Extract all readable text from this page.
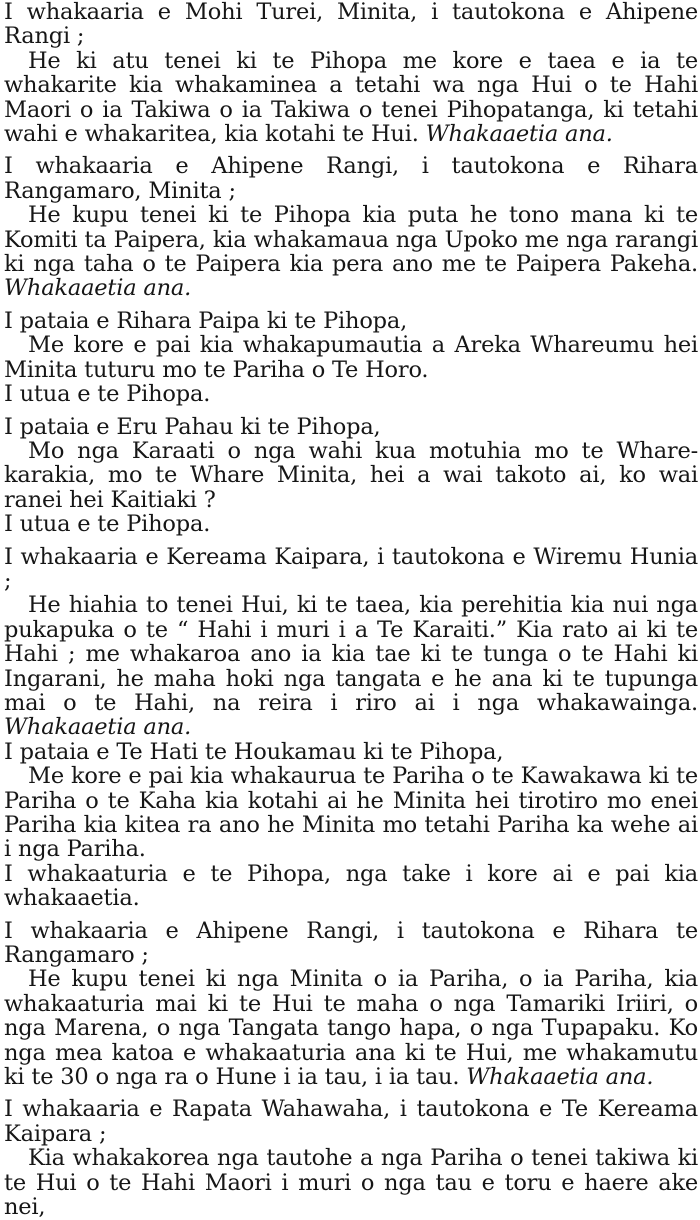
I whakaaria e Mohi Turei, Minita, i tautokona e Ahipene Rangi ;

He ki atu tenei ki te Pihopa me kore e taea e ia te whakarite kia whakaminea a tetahi wa nga Hui o te Hahi Maori o ia Takiwa o ia Takiwa o tenei Pihopatanga, ki tetahi wahi e whakaritea, kia kotahi te Hui. Whakaaetia ana.

I whakaaria e Ahipene Rangi, i tautokona e Rihara Rangamaro, Minita ;

He kupu tenei ki te Pihopa kia puta he tono mana ki te Komiti ta Paipera, kia whakamaua nga Upoko me nga rarangi ki nga taha o te Paipera kia pera ano me te Paipera Pakeha. Whakaaetia ana.

I pataia e Rihara Paipa ki te Pihopa,

Me kore e pai kia whakapumautia a Areka Whareumu hei Minita tuturu mo te Pariha o Te Horo.

I utua e te Pihopa.

I pataia e Eru Pahau ki te Pihopa,

Mo nga Karaati o nga wahi kua motuhia mo te Whare-karakia, mo te Whare Minita, hei a wai takoto ai, ko wai ranei hei Kaitiaki ?

I utua e te Pihopa.

I whakaaria e Kereama Kaipara, i tautokona e Wiremu Hunia ;

He hiahia to tenei Hui, ki te taea, kia perehitia kia nui nga pukapuka o te “ Hahi i muri i a Te Karaiti.” Kia rato ai ki te Hahi ; me whakaroa ano ia kia tae ki te tunga o te Hahi ki Ingarani, he maha hoki nga tangata e he ana ki te tupunga mai o te Hahi, na reira i riro ai i nga whakawainga. Whakaaetia ana.

I pataia e Te Hati te Houkamau ki te Pihopa,

Me kore e pai kia whakaurua te Pariha o te Kawakawa ki te Pariha o te Kaha kia kotahi ai he Minita hei tirotiro mo enei Pariha kia kitea ra ano he Minita mo tetahi Pariha ka wehe ai i nga Pariha.

I whakaaturia e te Pihopa, nga take i kore ai e pai kia whakaaetia.

I whakaaria e Ahipene Rangi, i tautokona e Rihara te Rangamaro ;

He kupu tenei ki nga Minita o ia Pariha, o ia Pariha, kia whakaaturia mai ki te Hui te maha o nga Tamariki Iriiri, o nga Marena, o nga Tangata tango hapa, o nga Tupapaku. Ko nga mea katoa e whakaaturia ana ki te Hui, me whakamutu ki te 30 o nga ra o Hune i ia tau, i ia tau. Whakaaetia ana.

I whakaaria e Rapata Wahawaha, i tautokona e Te Kereama Kaipara ;

Kia whakakorea nga tautohe a nga Pariha o tenei takiwa ki te Hui o te Hahi Maori i muri o nga tau e toru e haere ake nei,
